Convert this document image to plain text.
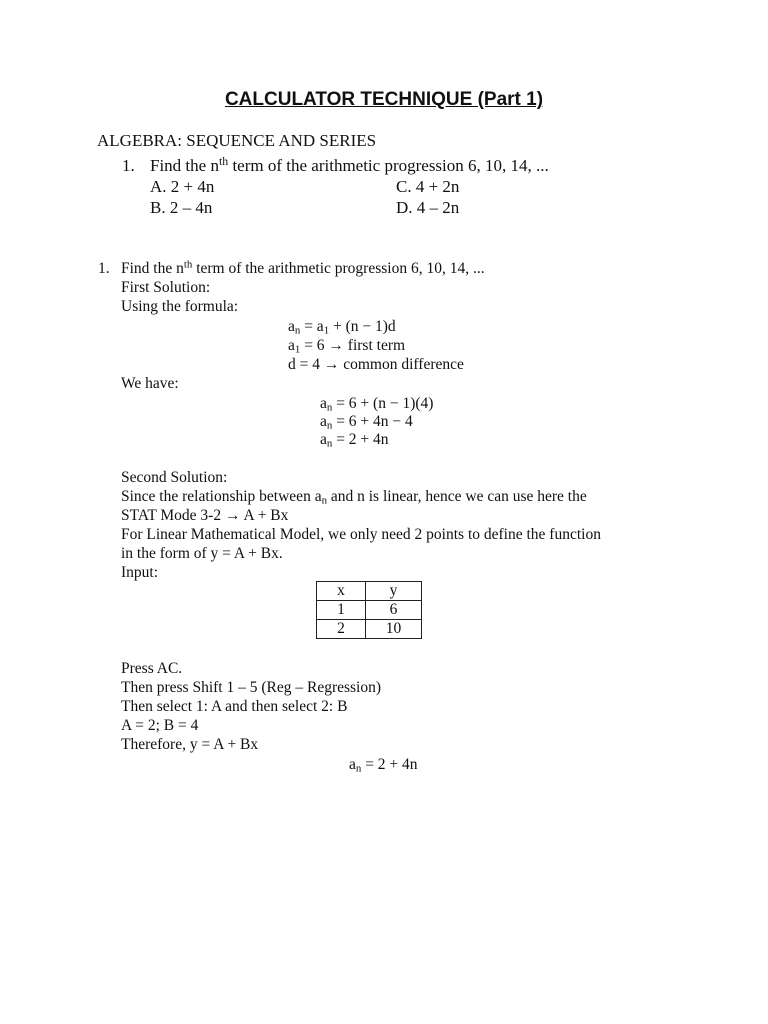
CALCULATOR TECHNIQUE (Part 1)
ALGEBRA: SEQUENCE AND SERIES
1. Find the $n^{th}$ term of the arithmetic progression 6, 10, 14, ...
A. 2 + 4n	C. 4 + 2n
B. 2 – 4n	D. 4 – 2n
1. Find the $n^{th}$ term of the arithmetic progression 6, 10, 14, ...
First Solution:
Using the formula:
$a_n = a_1 + (n - 1)d$
$a_1 = 6$ → first term
d = 4 → common difference
We have:
$a_n = 6 + (n - 1)(4)$
$a_n = 6 + 4n - 4$
$a_n = 2 + 4n$
Second Solution:
Since the relationship between $a_n$ and n is linear, hence we can use here the
STAT Mode 3-2 → A + Bx
For Linear Mathematical Model, we only need 2 points to define the function
in the form of y = A + Bx.
Input:
x	y
1	6
2	10
Press AC.
Then press Shift 1 – 5 (Reg – Regression)
Then select 1: A and then select 2: B
A = 2; B = 4
Therefore, y = A + Bx
$a_n = 2 + 4n$
